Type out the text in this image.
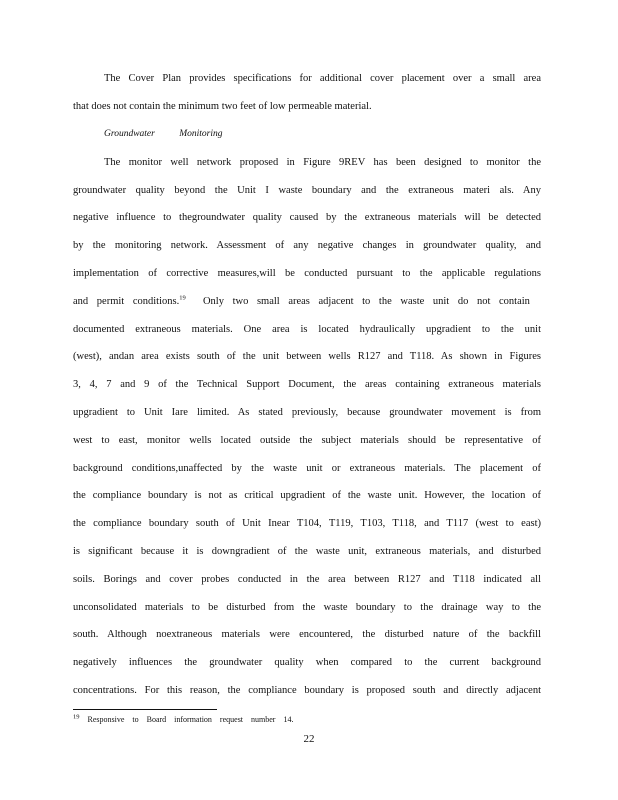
The Cover Plan provides specifications for additional cover placement over a small area
that does not contain the minimum two feet of low permeable material.
Groundwater Monitoring
The monitor well network proposed in Figure 9REV has been designed to monitor the
groundwater quality beyond the Unit I waste boundary and the extraneous materi als. Any
negative influence to thegroundwater quality caused by the extraneous materials will be detected
by the monitoring network. Assessment of any negative changes in groundwater quality, and
implementation of corrective measures,will be conducted pursuant to the applicable regulations
and permit conditions.$^{19}$ Only two small areas adjacent to the waste unit do not contain
documented extraneous materials. One area is located hydraulically upgradient to the unit
(west), andan area exists south of the unit between wells R127 and T118. As shown in Figures
3, 4, 7 and 9 of the Technical Support Document, the areas containing extraneous materials
upgradient to Unit Iare limited. As stated previously, because groundwater movement is from
west to east, monitor wells located outside the subject materials should be representative of
background conditions,unaffected by the waste unit or extraneous materials. The placement of
the compliance boundary is not as critical upgradient of the waste unit. However, the location of
the compliance boundary south of Unit Inear T104, T119, T103, T118, and T117 (west to east)
is significant because it is downgradient of the waste unit, extraneous materials, and disturbed
soils. Borings and cover probes conducted in the area between R127 and T118 indicated all
unconsolidated materials to be disturbed from the waste boundary to the drainage way to the
south. Although noextraneous materials were encountered, the disturbed nature of the backfill
negatively influences the groundwater quality when compared to the current background
concentrations. For this reason, the compliance boundary is proposed south and directly adjacent
$^{19}$ Responsive to Board information request number 14.
22
